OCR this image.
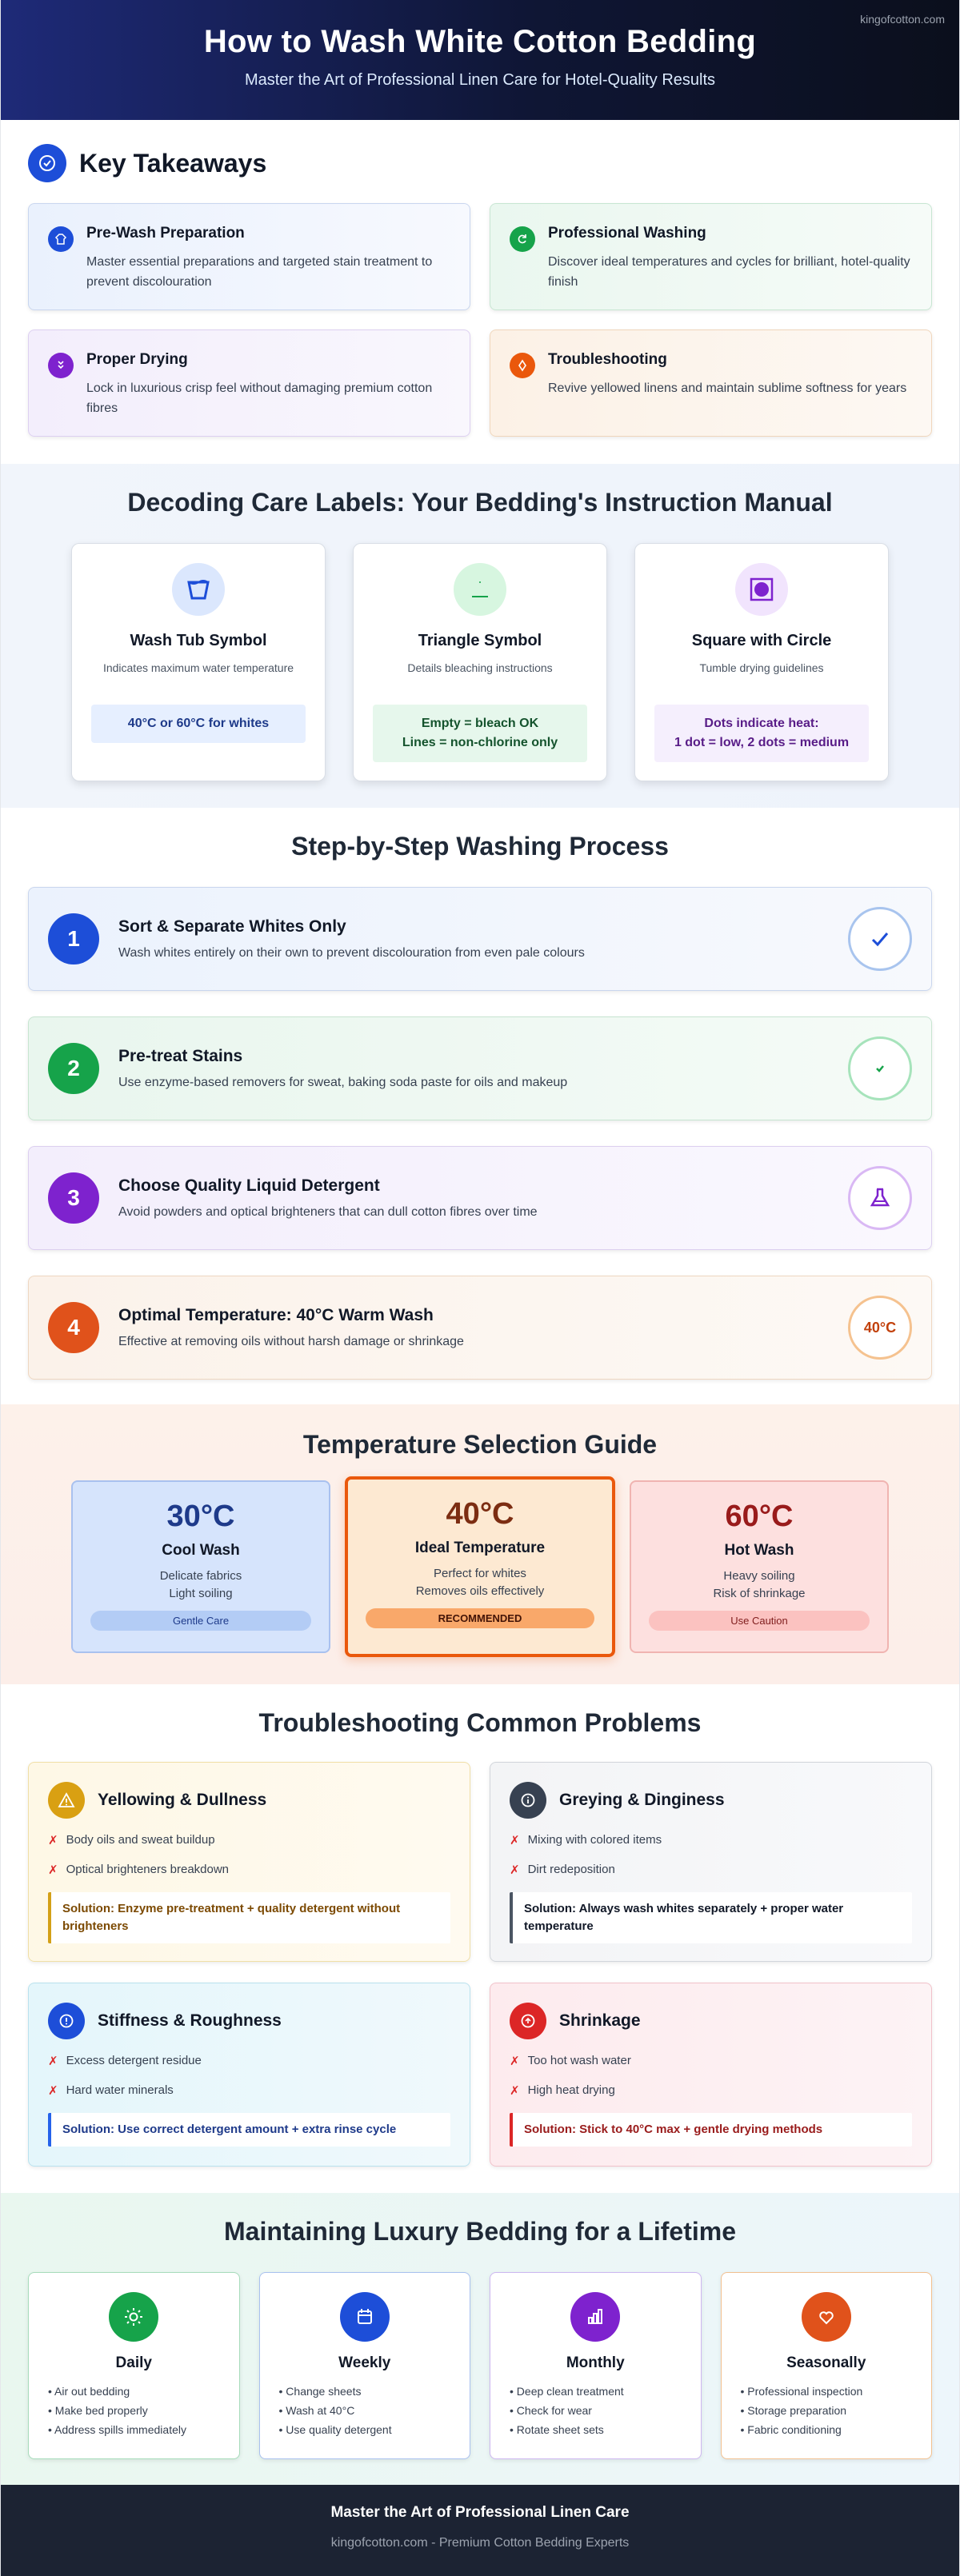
kingofcotton.com
How to Wash White Cotton Bedding
Master the Art of Professional Linen Care for Hotel-Quality Results
Key Takeaways
Pre-Wash Preparation

Master essential preparations and targeted stain treatment to prevent discolouration

Professional Washing

Discover ideal temperatures and cycles for brilliant, hotel-quality finish

Proper Drying

Lock in luxurious crisp feel without damaging premium cotton fibres

Troubleshooting

Revive yellowed linens and maintain sublime softness for years

Decoding Care Labels: Your Bedding's Instruction Manual
Wash Tub Symbol
Indicates maximum water temperature
40°C or 60°C for whites
Triangle Symbol
Details bleaching instructions
Empty = bleach OK
Lines = non-chlorine only
Square with Circle
Tumble drying guidelines
Dots indicate heat:
1 dot = low, 2 dots = medium
Step-by-Step Washing Process
1	Sort & Separate Whites Only

Wash whites entirely on their own to prevent discolouration from even pale colours

2	Pre-treat Stains

Use enzyme-based removers for sweat, baking soda paste for oils and makeup

3	Choose Quality Liquid Detergent

Avoid powders and optical brighteners that can dull cotton fibres over time

4	Optimal Temperature: 40°C Warm Wash

Effective at removing oils without harsh damage or shrinkage

40°C
Temperature Selection Guide
30°C
Cool Wash
Delicate fabrics
Light soiling
Gentle Care
40°C
Ideal Temperature
Perfect for whites
Removes oils effectively
RECOMMENDED
60°C
Hot Wash
Heavy soiling
Risk of shrinkage
Use Caution
Troubleshooting Common Problems
Yellowing & Dullness
✗ Body oils and sweat buildup
✗ Optical brighteners breakdown
Solution: Enzyme pre-treatment + quality detergent without brighteners
Greying & Dinginess
✗ Mixing with colored items
✗ Dirt redeposition
Solution: Always wash whites separately + proper water temperature
Stiffness & Roughness
✗ Excess detergent residue
✗ Hard water minerals
Solution: Use correct detergent amount + extra rinse cycle
Shrinkage
✗ Too hot wash water
✗ High heat drying
Solution: Stick to 40°C max + gentle drying methods
Maintaining Luxury Bedding for a Lifetime
Daily
• Air out bedding
• Make bed properly
• Address spills immediately
Weekly
• Change sheets
• Wash at 40°C
• Use quality detergent
Monthly
• Deep clean treatment
• Check for wear
• Rotate sheet sets
Seasonally
• Professional inspection
• Storage preparation
• Fabric conditioning
Master the Art of Professional Linen Care
kingofcotton.com - Premium Cotton Bedding Experts
